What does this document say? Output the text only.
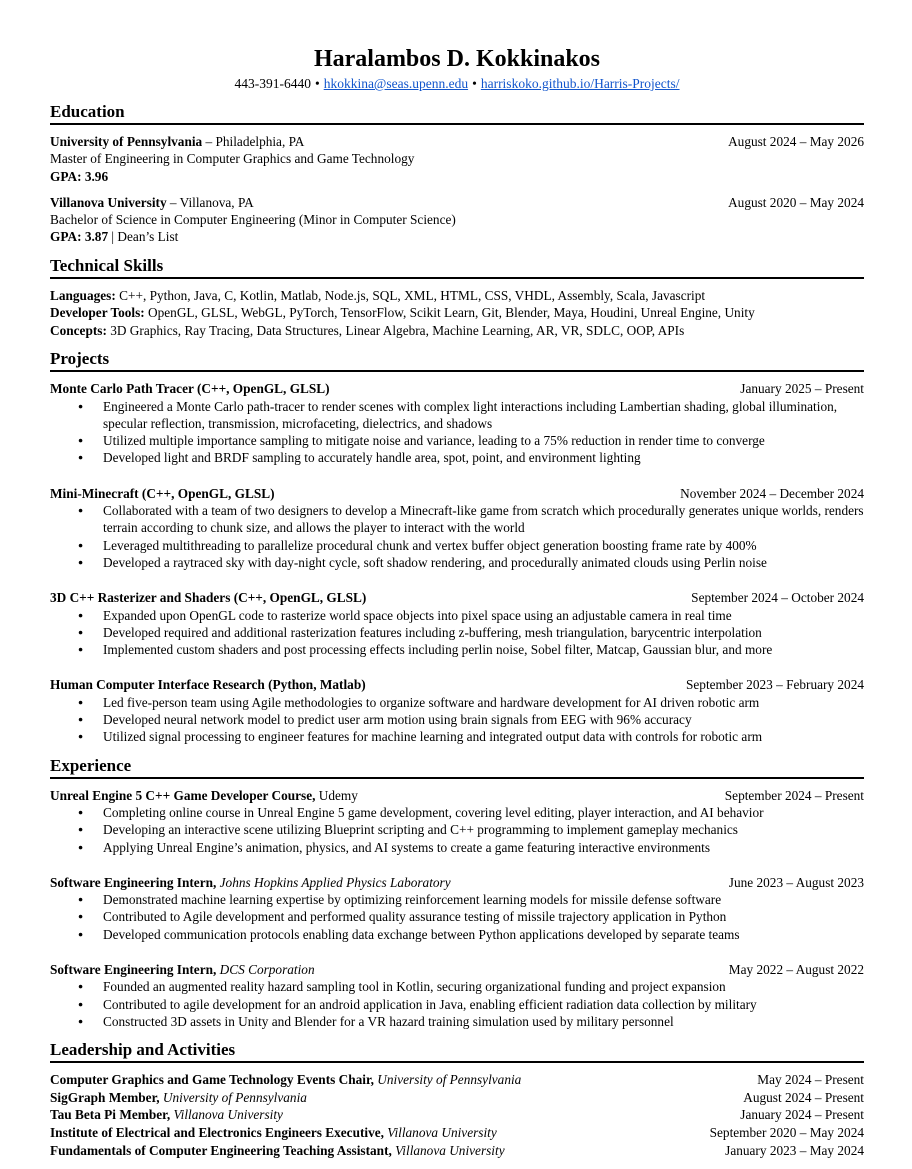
Haralambos D. Kokkinakos
443-391-6440 • hkokkina@seas.upenn.edu • harriskoko.github.io/Harris-Projects/
Education
University of Pennsylvania – Philadelphia, PA	August 2024 – May 2026
Master of Engineering in Computer Graphics and Game Technology
GPA: 3.96
Villanova University – Villanova, PA	August 2020 – May 2024
Bachelor of Science in Computer Engineering (Minor in Computer Science)
GPA: 3.87 | Dean’s List
Technical Skills
Languages: C++, Python, Java, C, Kotlin, Matlab, Node.js, SQL, XML, HTML, CSS, VHDL, Assembly, Scala, Javascript
Developer Tools: OpenGL, GLSL, WebGL, PyTorch, TensorFlow, Scikit Learn, Git, Blender, Maya, Houdini, Unreal Engine, Unity
Concepts: 3D Graphics, Ray Tracing, Data Structures, Linear Algebra, Machine Learning, AR, VR, SDLC, OOP, APIs
Projects
Monte Carlo Path Tracer (C++, OpenGL, GLSL)	January 2025 – Present
● Engineered a Monte Carlo path-tracer to render scenes with complex light interactions including Lambertian shading, global illumination, specular reflection, transmission, microfaceting, dielectrics, and shadows
● Utilized multiple importance sampling to mitigate noise and variance, leading to a 75% reduction in render time to converge
● Developed light and BRDF sampling to accurately handle area, spot, point, and environment lighting
Mini-Minecraft (C++, OpenGL, GLSL)	November 2024 – December 2024
● Collaborated with a team of two designers to develop a Minecraft-like game from scratch which procedurally generates unique worlds, renders terrain according to chunk size, and allows the player to interact with the world
● Leveraged multithreading to parallelize procedural chunk and vertex buffer object generation boosting frame rate by 400%
● Developed a raytraced sky with day-night cycle, soft shadow rendering, and procedurally animated clouds using Perlin noise
3D C++ Rasterizer and Shaders (C++, OpenGL, GLSL)	September 2024 – October 2024
● Expanded upon OpenGL code to rasterize world space objects into pixel space using an adjustable camera in real time
● Developed required and additional rasterization features including z-buffering, mesh triangulation, barycentric interpolation
● Implemented custom shaders and post processing effects including perlin noise, Sobel filter, Matcap, Gaussian blur, and more
Human Computer Interface Research (Python, Matlab)	September 2023 – February 2024
● Led five-person team using Agile methodologies to organize software and hardware development for AI driven robotic arm
● Developed neural network model to predict user arm motion using brain signals from EEG with 96% accuracy
● Utilized signal processing to engineer features for machine learning and integrated output data with controls for robotic arm
Experience
Unreal Engine 5 C++ Game Developer Course, Udemy	September 2024 – Present
● Completing online course in Unreal Engine 5 game development, covering level editing, player interaction, and AI behavior
● Developing an interactive scene utilizing Blueprint scripting and C++ programming to implement gameplay mechanics
● Applying Unreal Engine’s animation, physics, and AI systems to create a game featuring interactive environments
Software Engineering Intern, Johns Hopkins Applied Physics Laboratory	June 2023 – August 2023
● Demonstrated machine learning expertise by optimizing reinforcement learning models for missile defense software
● Contributed to Agile development and performed quality assurance testing of missile trajectory application in Python
● Developed communication protocols enabling data exchange between Python applications developed by separate teams
Software Engineering Intern, DCS Corporation	May 2022 – August 2022
● Founded an augmented reality hazard sampling tool in Kotlin, securing organizational funding and project expansion
● Contributed to agile development for an android application in Java, enabling efficient radiation data collection by military
● Constructed 3D assets in Unity and Blender for a VR hazard training simulation used by military personnel
Leadership and Activities
Computer Graphics and Game Technology Events Chair, University of Pennsylvania	May 2024 – Present
SigGraph Member, University of Pennsylvania	August 2024 – Present
Tau Beta Pi Member, Villanova University	January 2024 – Present
Institute of Electrical and Electronics Engineers Executive, Villanova University	September 2020 – May 2024
Fundamentals of Computer Engineering Teaching Assistant, Villanova University	January 2023 – May 2024
